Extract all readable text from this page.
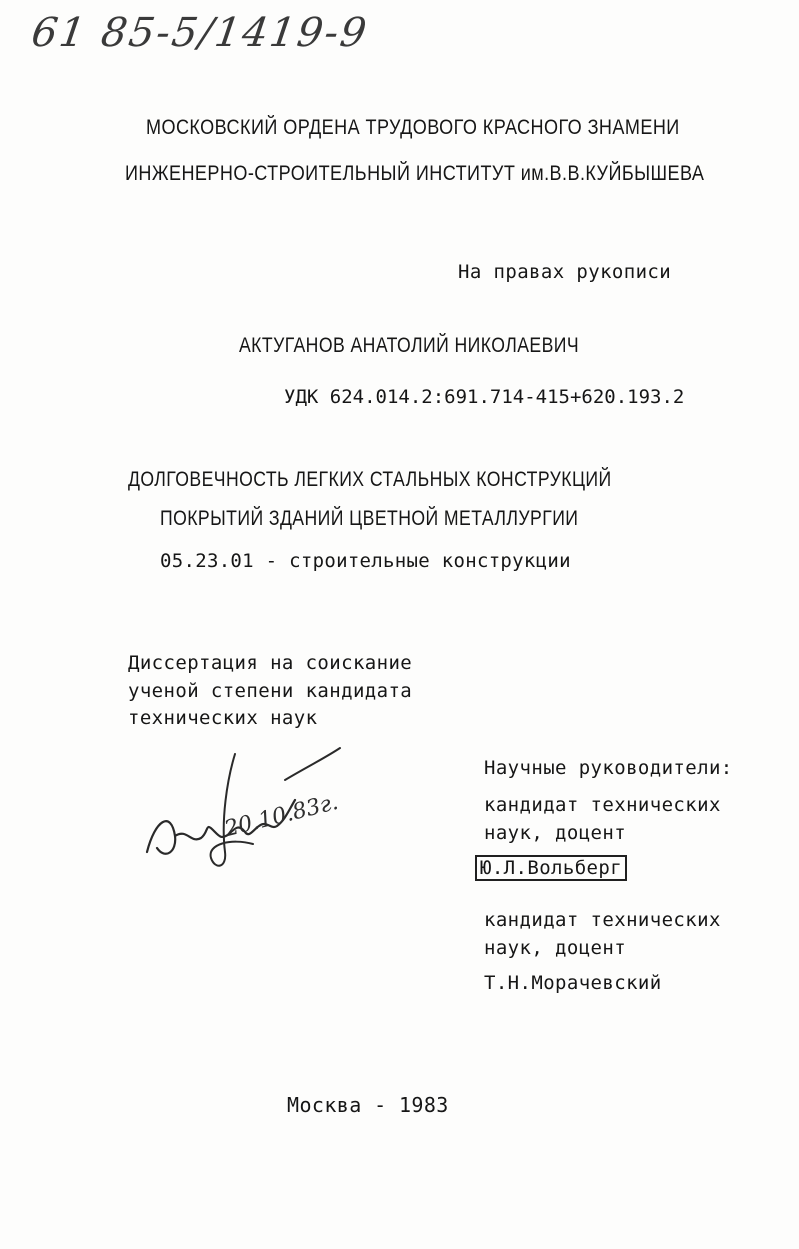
61 85-5/1419-9
МОСКОВСКИЙ ОРДЕНА ТРУДОВОГО КРАСНОГО ЗНАМЕНИ
ИНЖЕНЕРНО-СТРОИТЕЛЬНЫЙ ИНСТИТУТ им.В.В.КУЙБЫШЕВА
На правах рукописи
АКТУГАНОВ АНАТОЛИЙ НИКОЛАЕВИЧ
УДК 624.014.2:691.714-415+620.193.2
ДОЛГОВЕЧНОСТЬ ЛЕГКИХ СТАЛЬНЫХ КОНСТРУКЦИЙ
ПОКРЫТИЙ ЗДАНИЙ ЦВЕТНОЙ МЕТАЛЛУРГИИ
05.23.01 - строительные конструкции
Диссертация на соискание
ученой степени кандидата
технических наук
20.10.83г.
Научные руководители:
кандидат технических
наук, доцент
Ю.Л.Вольберг
кандидат технических
наук, доцент
Т.Н.Морачевский
Москва - 1983
